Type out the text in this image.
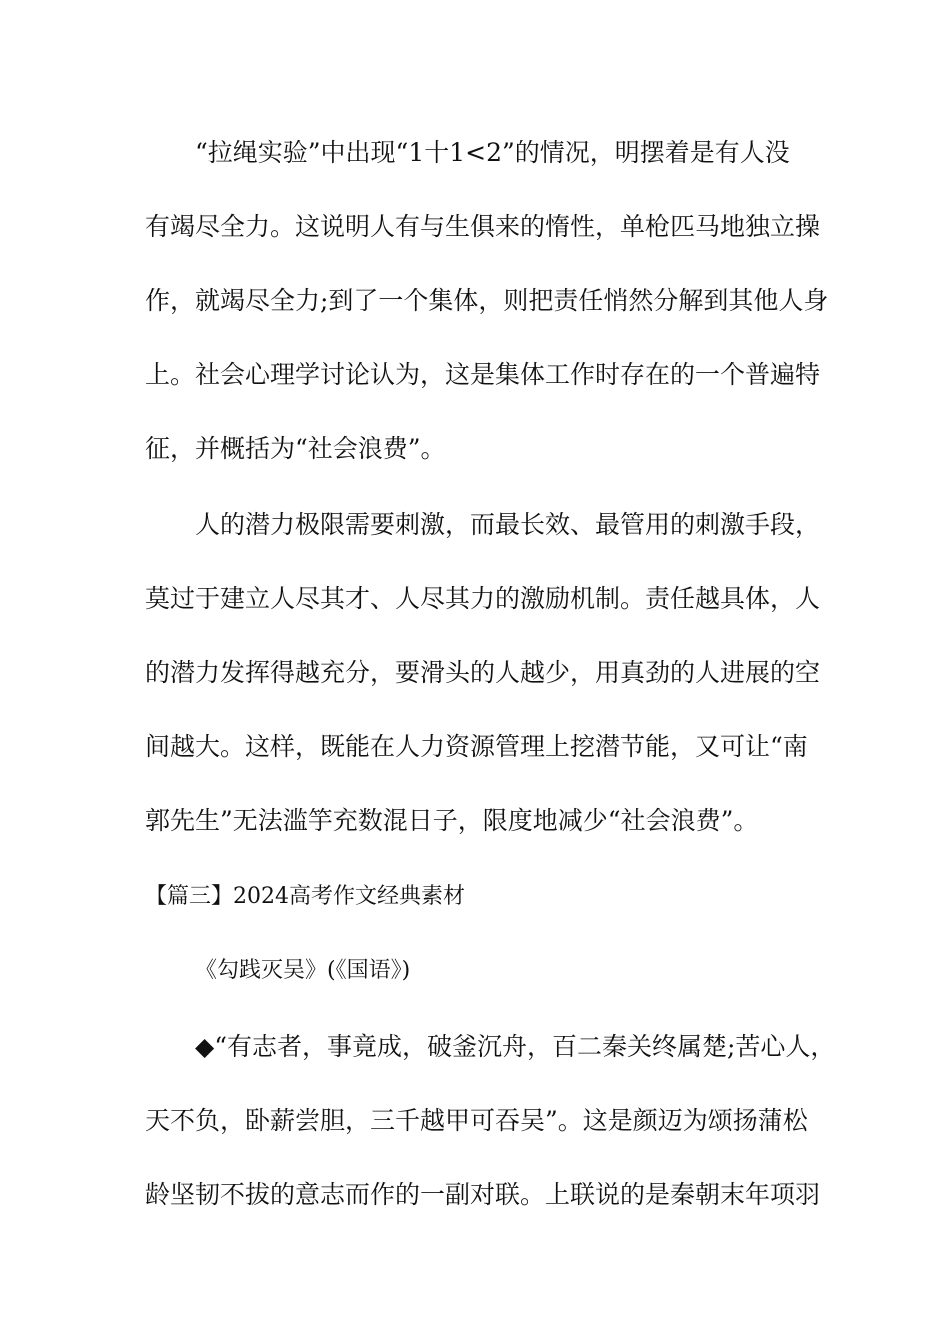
“拉绳实验”中出现“1十1<2”的情况，明摆着是有人没
有竭尽全力。这说明人有与生俱来的惰性，单枪匹马地独立操
作，就竭尽全力;到了一个集体，则把责任悄然分解到其他人身
上。社会心理学讨论认为，这是集体工作时存在的一个普遍特
征，并概括为“社会浪费”。
人的潜力极限需要刺激，而最长效、最管用的刺激手段，
莫过于建立人尽其才、人尽其力的激励机制。责任越具体，人
的潜力发挥得越充分，要滑头的人越少，用真劲的人进展的空
间越大。这样，既能在人力资源管理上挖潜节能，又可让“南
郭先生”无法滥竽充数混日子，限度地减少“社会浪费”。
【篇三】2024高考作文经典素材
《勾践灭吴》(《国语》)
◆“有志者，事竟成，破釜沉舟，百二秦关终属楚;苦心人，
天不负，卧薪尝胆，三千越甲可吞吴”。这是颜迈为颂扬蒲松
龄坚韧不拔的意志而作的一副对联。上联说的是秦朝末年项羽
